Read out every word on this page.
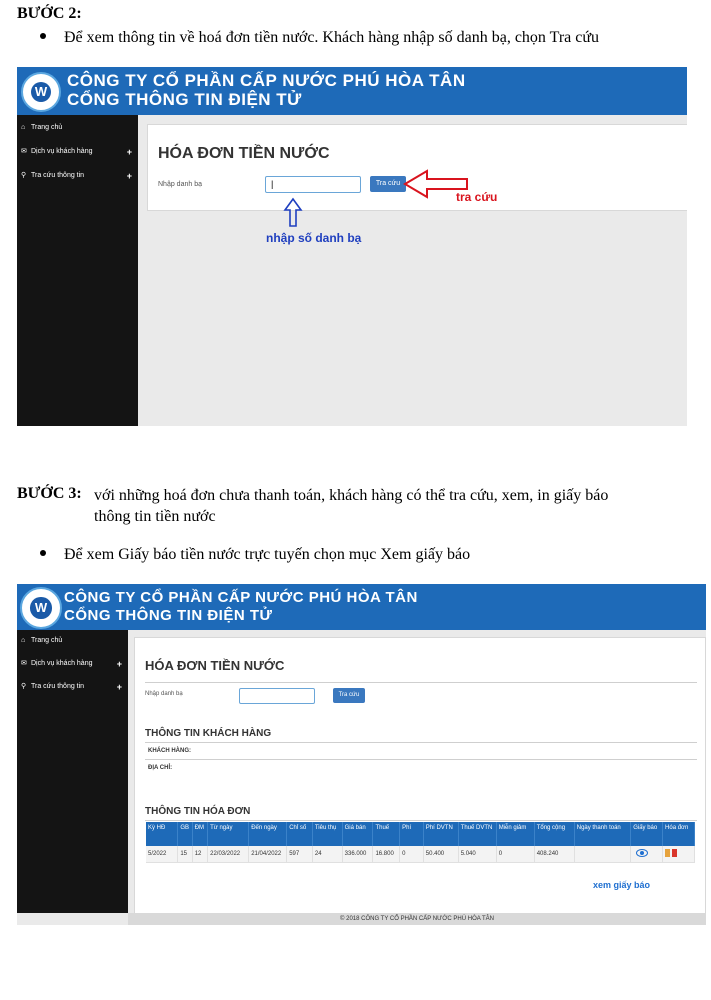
BƯỚC 2:
Để xem thông tin về hoá đơn tiền nước. Khách hàng nhập số danh bạ, chọn Tra cứu
W
CÔNG TY CỔ PHẦN CẤP NƯỚC PHÚ HÒA TÂN
CỔNG THÔNG TIN ĐIỆN TỬ
⌂ Trang chủ
✉ Dịch vụ khách hàng	+
⚲ Tra cứu thông tin	+
HÓA ĐƠN TIỀN NƯỚC
Nhập danh bạ	|	Tra cứu
tra cứu
nhập số danh bạ
BƯỚC 3: với những hoá đơn chưa thanh toán, khách hàng có thể tra cứu, xem, in giấy báo
thông tin tiền nước
Để xem Giấy báo tiền nước trực tuyến chọn mục Xem giấy báo
W
CÔNG TY CỔ PHẦN CẤP NƯỚC PHÚ HÒA TÂN
CỔNG THÔNG TIN ĐIỆN TỬ
⌂ Trang chủ
✉ Dịch vụ khách hàng	+
⚲ Tra cứu thông tin	+
HÓA ĐƠN TIỀN NƯỚC
Nhập danh bạ	Tra cứu
THÔNG TIN KHÁCH HÀNG
KHÁCH HÀNG:
ĐỊA CHỈ:
THÔNG TIN HÓA ĐƠN
Kỳ HĐ	GB	ĐM	Từ ngày	Đến ngày	Chỉ số	Tiêu thụ	Giá bán	Thuế	Phí	Phí DVTN	Thuế DVTN	Miễn giảm	Tổng cộng	Ngày thanh toán	Giấy báo	Hóa đơn
5/2022	15	12	22/03/2022	21/04/2022	597	24	336.000	16.800	0	50.400	5.040	0	408.240		

xem giấy báo
© 2018 CÔNG TY CỔ PHẦN CẤP NƯỚC PHÚ HÒA TÂN
